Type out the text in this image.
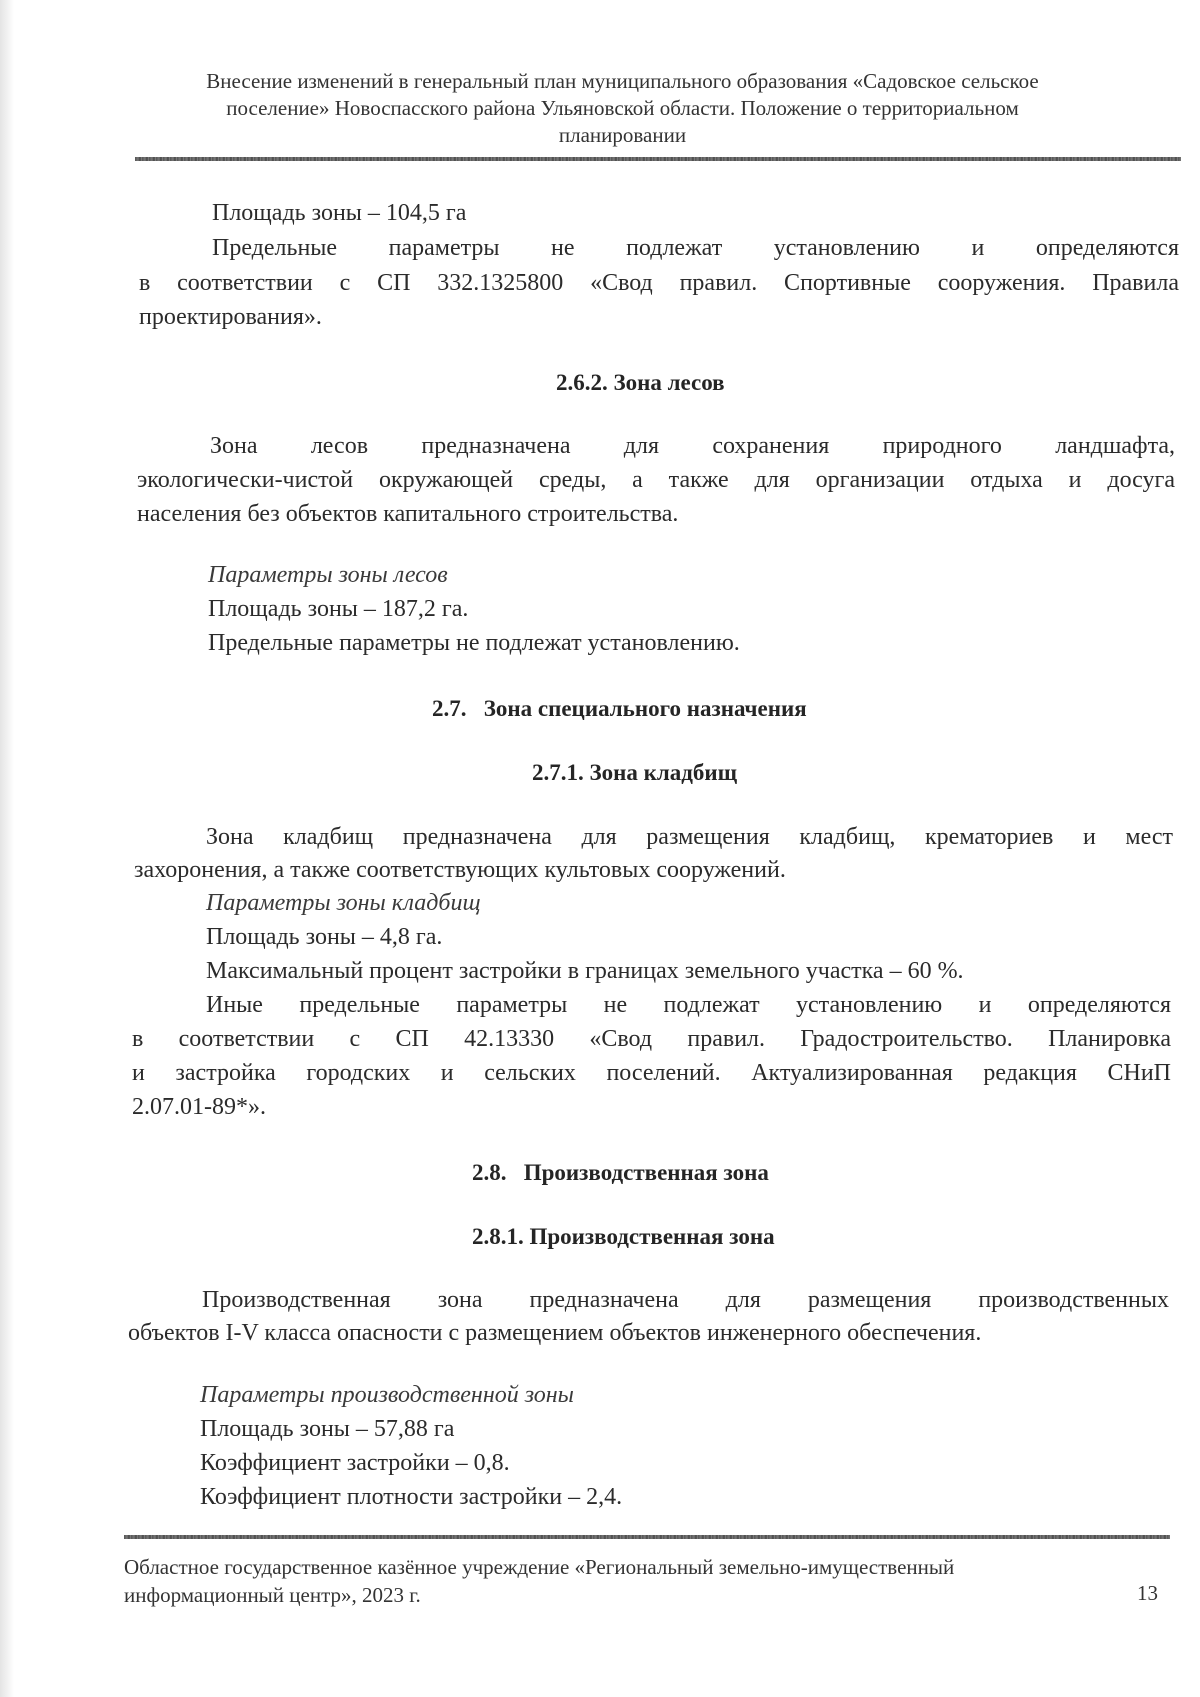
Внесение изменений в генеральный план муниципального образования «Садовское сельское
поселение» Новоспасского района Ульяновской области. Положение о территориальном
планировании
Площадь зоны – 104,5 га
Предельные параметры не подлежат установлению и определяются
в соответствии с СП 332.1325800 «Свод правил. Спортивные сооружения. Правила
проектирования».
2.6.2. Зона лесов
Зона лесов предназначена для сохранения природного ландшафта,
экологически-чистой окружающей среды, а также для организации отдыха и досуга
населения без объектов капитального строительства.
Параметры зоны лесов
Площадь зоны – 187,2 га.
Предельные параметры не подлежат установлению.
2.7.   Зона специального назначения
2.7.1. Зона кладбищ
Зона кладбищ предназначена для размещения кладбищ, крематориев и мест
захоронения, а также соответствующих культовых сооружений.
Параметры зоны кладбищ
Площадь зоны – 4,8 га.
Максимальный процент застройки в границах земельного участка – 60 %.
Иные предельные параметры не подлежат установлению и определяются
в соответствии с СП 42.13330 «Свод правил. Градостроительство. Планировка
и застройка городских и сельских поселений. Актуализированная редакция СНиП
2.07.01-89*».
2.8.   Производственная зона
2.8.1. Производственная зона
Производственная зона предназначена для размещения производственных
объектов I-V класса опасности с размещением объектов инженерного обеспечения.
Параметры производственной зоны
Площадь зоны – 57,88 га
Коэффициент застройки – 0,8.
Коэффициент плотности застройки – 2,4.
Областное государственное казённое учреждение «Региональный земельно-имущественный
информационный центр», 2023 г.	13
